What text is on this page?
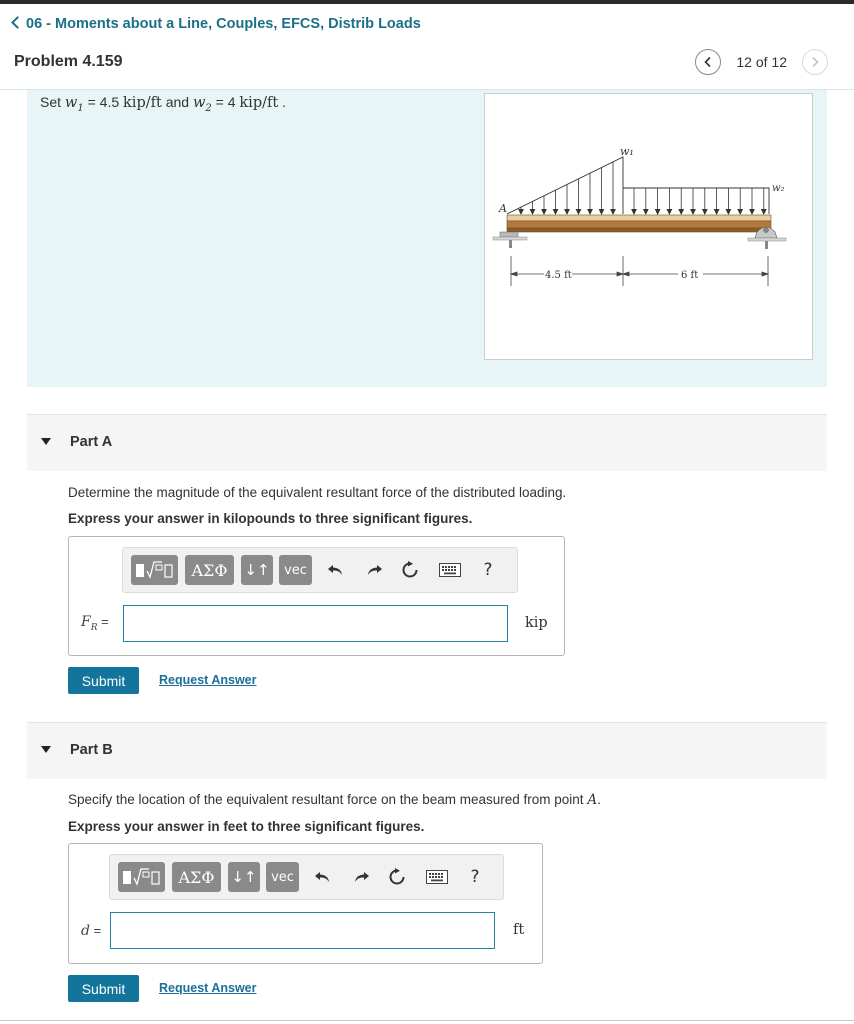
06 - Moments about a Line, Couples, EFCS, Distrib Loads
Problem 4.159	12 of 12
Set $w_1 = 4.5$ kip/ft and $w_2 = 4$ kip/ft .
w₁
w₂
A
4.5 ft	6 ft
Part A
Determine the magnitude of the equivalent resultant force of the distributed loading.
Express your answer in kilopounds to three significant figures.
ΑΣΦ	↓↑	vec	?
$F_R$ =	kip
Submit	Request Answer
Part B
Specify the location of the equivalent resultant force on the beam measured from point A.
Express your answer in feet to three significant figures.
ΑΣΦ	↓↑	vec	?
d =	ft
Submit	Request Answer
